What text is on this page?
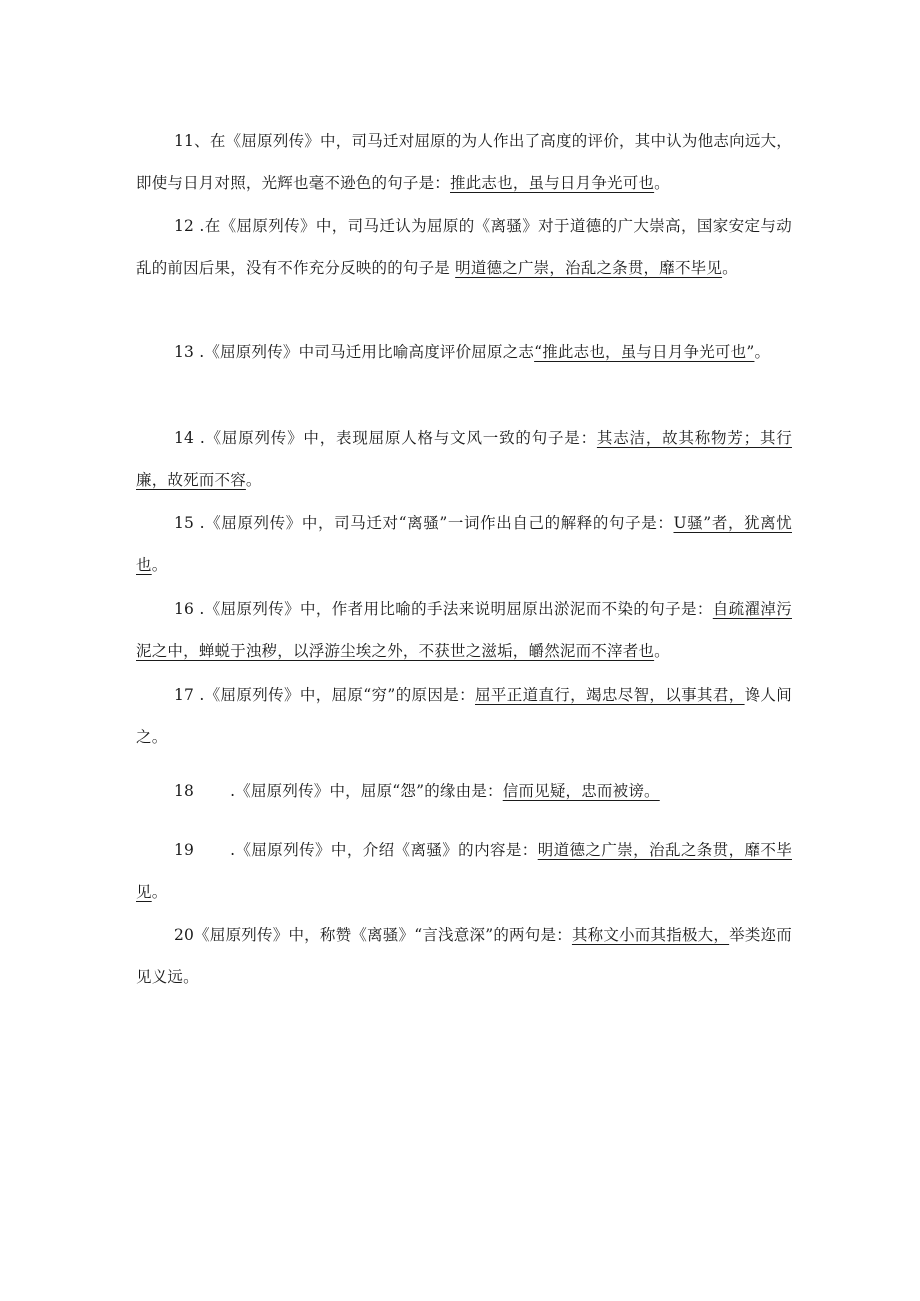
11、在《屈原列传》中，司马迁对屈原的为人作出了高度的评价，其中认为他志向远大，即使与日月对照，光辉也毫不逊色的句子是：推此志也，虽与日月争光可也。

12 .在《屈原列传》中，司马迁认为屈原的《离骚》对于道德的广大崇高，国家安定与动乱的前因后果，没有不作充分反映的的句子是 明道德之广崇，治乱之条贯，靡不毕见。

13 .《屈原列传》中司马迁用比喻高度评价屈原之志“推此志也，虽与日月争光可也”。

14 .《屈原列传》中，表现屈原人格与文风一致的句子是：其志洁，故其称物芳；其行廉，故死而不容。

15 .《屈原列传》中，司马迁对“离骚”一词作出自己的解释的句子是：U骚”者，犹离忧也。

16 .《屈原列传》中，作者用比喻的手法来说明屈原出淤泥而不染的句子是：自疏濯淖污泥之中，蝉蜕于浊秽，以浮游尘埃之外，不获世之滋垢，皭然泥而不滓者也。

17 .《屈原列传》中，屈原“穷”的原因是：屈平正道直行，竭忠尽智，以事其君，谗人间之。

18 .《屈原列传》中，屈原“怨”的缘由是：信而见疑，忠而被谤。

19 .《屈原列传》中，介绍《离骚》的内容是：明道德之广崇，治乱之条贯，靡不毕见。

20《屈原列传》中，称赞《离骚》“言浅意深”的两句是：其称文小而其指极大，举类迩而见义远。
